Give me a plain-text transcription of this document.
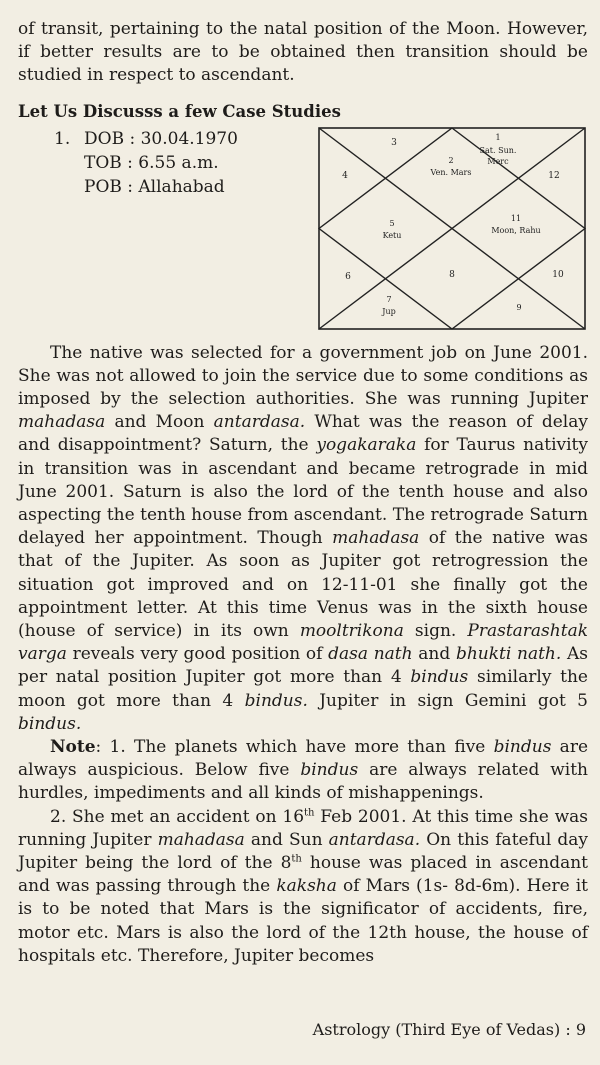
of transit, pertaining to the natal position of the Moon. However, if better results are to be obtained then transition should be studied in respect to ascendant.

Let Us Discusss a few Case Studies
1. DOB : 30.04.1970
TOB : 6.55 a.m.
POB : Allahabad
3
1
Sat. Sun.
Merc
2
Ven. Mars
4	12
5
Ketu
11
Moon, Rahu
6	8	10
7
Jup	9

The native was selected for a government job on June 2001. She was not allowed to join the service due to some conditions as imposed by the selection authorities. She was running Jupiter mahadasa and Moon antardasa. What was the reason of delay and disappointment? Saturn, the yogakaraka for Taurus nativity in transition was in ascendant and became retrograde in mid June 2001. Saturn is also the lord of the tenth house and also aspecting the tenth house from ascendant. The retrograde Saturn delayed her appointment. Though mahadasa of the native was that of the Jupiter. As soon as Jupiter got retrogression the situation got improved and on 12-11-01 she finally got the appointment letter. At this time Venus was in the sixth house (house of service) in its own mooltrikona sign. Prastarashtak varga reveals very good position of dasa nath and bhukti nath. As per natal position Jupiter got more than 4 bindus similarly the moon got more than 4 bindus. Jupiter in sign Gemini got 5 bindus.

Note: 1. The planets which have more than five bindus are always auspicious. Below five bindus are always related with hurdles, impediments and all kinds of mishappenings.

2. She met an accident on 16th Feb 2001. At this time she was running Jupiter mahadasa and Sun antardasa. On this fateful day Jupiter being the lord of the 8th house was placed in ascendant and was passing through the kaksha of Mars (1s- 8d-6m). Here it is to be noted that Mars is the significator of accidents, fire, motor etc. Mars is also the lord of the 12th house, the house of hospitals etc. Therefore, Jupiter becomes

Astrology (Third Eye of Vedas) : 9
